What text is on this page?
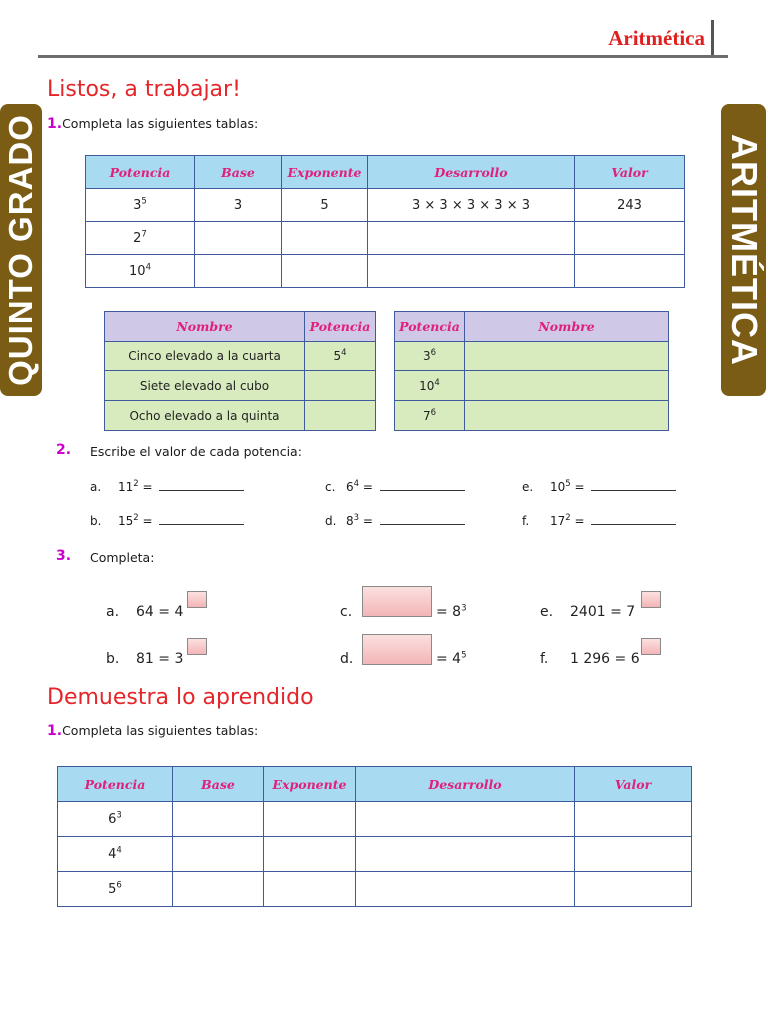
Aritmética
QUINTO GRADO	ARITMÉTICA
Listos, a trabajar!
1.Completa las siguientes tablas:
Potencia	Base	Exponente	Desarrollo	Valor
$3^5$	3	5	3 × 3 × 3 × 3 × 3	243
$2^7$				
$10^4$				
Nombre	Potencia
Cinco elevado a la cuarta	$5^4$
Siete elevado al cubo	
Ocho elevado a la quinta	
Potencia	Nombre
$3^6$	
$10^4$	
$7^6$	
2. Escribe el valor de cada potencia:
a. $11^2$ =	c. $6^4$ =	e. $10^5$ =
b. $15^2$ =	d. $8^3$ =	f. $17^2$ =
3. Completa:
a. 64 = 4
b. 81 = 3
c.	= $8^3$
d.	= $4^5$
e. 2401 = 7
f. 1 296 = 6
Demuestra lo aprendido
1.Completa las siguientes tablas:
Potencia	Base	Exponente	Desarrollo	Valor
$6^3$				
$4^4$				
$5^6$				
